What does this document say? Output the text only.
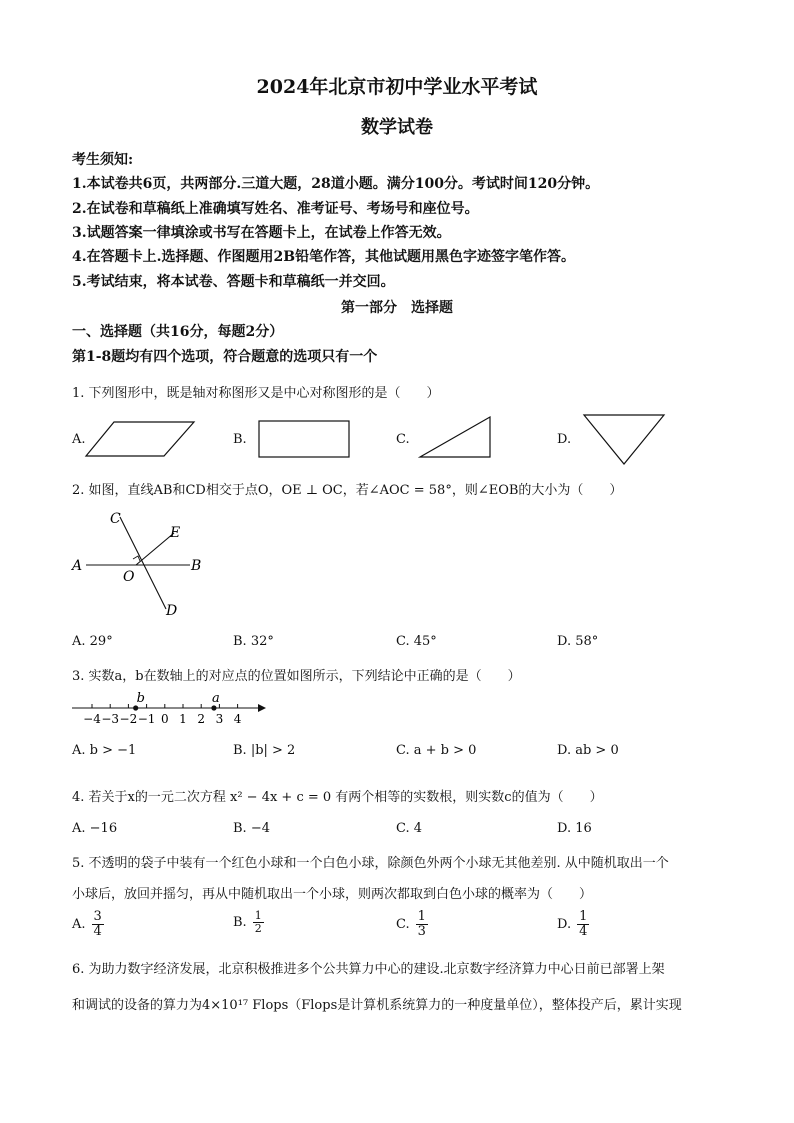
2024年北京市初中学业水平考试
数学试卷
考生须知:
1.本试卷共6页，共两部分.三道大题，28道小题。满分100分。考试时间120分钟。
2.在试卷和草稿纸上准确填写姓名、准考证号、考场号和座位号。
3.试题答案一律填涂或书写在答题卡上，在试卷上作答无效。
4.在答题卡上.选择题、作图题用2B铅笔作答，其他试题用黑色字迹签字笔作答。
5.考试结束，将本试卷、答题卡和草稿纸一并交回。
第一部分　选择题
一、选择题（共16分，每题2分）
第1-8题均有四个选项，符合题意的选项只有一个
1. 下列图形中，既是轴对称图形又是中心对称图形的是（　　）
A.	B.	C.	D.
2. 如图，直线AB和CD相交于点O，OE ⊥ OC，若∠AOC = 58°，则∠EOB的大小为（　　）
C
E
A
O
B
D
A. 29°	B. 32°	C. 45°	D. 58°
3. 实数a，b在数轴上的对应点的位置如图所示，下列结论中正确的是（　　）
−4 −3 −2 −1 0 1 2 3 4
b	a
A. b > −1	B. |b| > 2	C. a + b > 0	D. ab > 0
4. 若关于x的一元二次方程 x² − 4x + c = 0 有两个相等的实数根，则实数c的值为（　　）
A. −16	B. −4	C. 4	D. 16
5. 不透明的袋子中装有一个红色小球和一个白色小球，除颜色外两个小球无其他差别. 从中随机取出一个
小球后，放回并摇匀，再从中随机取出一个小球，则两次都取到白色小球的概率为（　　）
A. $\frac{3}{4}$	B. $\frac{1}{2}$	C. $\frac{1}{3}$	D. $\frac{1}{4}$
6. 为助力数字经济发展，北京积极推进多个公共算力中心的建设.北京数字经济算力中心日前已部署上架
和调试的设备的算力为4×10¹⁷ Flops（Flops是计算机系统算力的一种度量单位），整体投产后，累计实现
